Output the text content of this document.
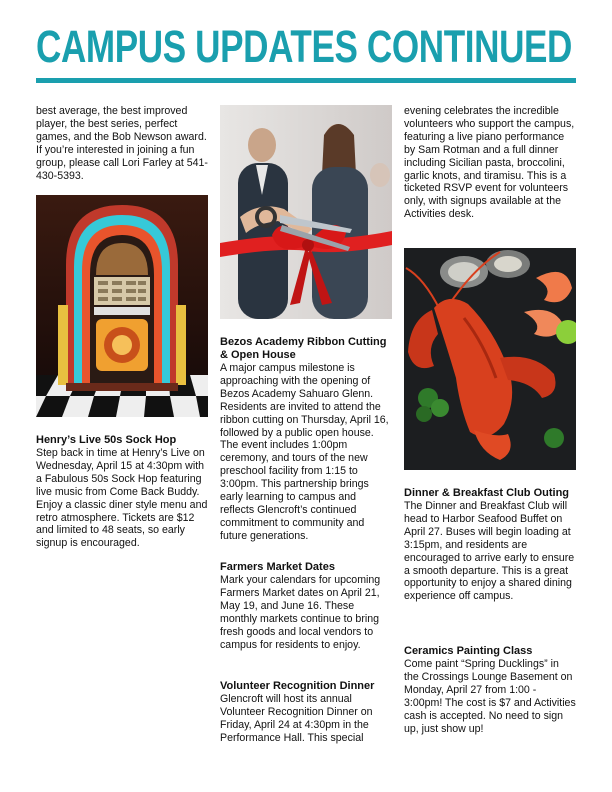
CAMPUS UPDATES CONTINUED

best average, the best improved player, the best series, perfect games, and the Bob Newson award. If you’re interested in joining a fun group, please call Lori Farley at 541-430-5393.

Henry’s Live 50s Sock Hop

Step back in time at Henry’s Live on Wednesday, April 15 at 4:30pm with a Fabulous 50s Sock Hop featuring live music from Come Back Buddy. Enjoy a classic diner style menu and retro atmosphere. Tickets are $12 and limited to 48 seats, so early signup is encouraged.

Bezos Academy Ribbon Cutting & Open House

A major campus milestone is approaching with the opening of Bezos Academy Sahuaro Glenn. Residents are invited to attend the ribbon cutting on Thursday, April 16, followed by a public open house. The event includes 1:00pm ceremony, and tours of the new preschool facility from 1:15 to 3:00pm. This partnership brings early learning to campus and reflects Glencroft’s continued commitment to community and future generations.

Farmers Market Dates

Mark your calendars for upcoming Farmers Market dates on April 21, May 19, and June 16. These monthly markets continue to bring fresh goods and local vendors to campus for residents to enjoy.

Volunteer Recognition Dinner

Glencroft will host its annual Volunteer Recognition Dinner on Friday, April 24 at 4:30pm in the Performance Hall. This special

evening celebrates the incredible volunteers who support the campus, featuring a live piano performance by Sam Rotman and a full dinner including Sicilian pasta, broccolini, garlic knots, and tiramisu. This is a ticketed RSVP event for volunteers only, with signups available at the Activities desk.

Dinner & Breakfast Club Outing

The Dinner and Breakfast Club will head to Harbor Seafood Buffet on April 27. Buses will begin loading at 3:15pm, and residents are encouraged to arrive early to ensure a smooth departure. This is a great opportunity to enjoy a shared dining experience off campus.

Ceramics Painting Class

Come paint “Spring Ducklings” in the Crossings Lounge Basement on Monday, April 27 from 1:00 - 3:00pm! The cost is $7 and Activities cash is accepted. No need to sign up, just show up!
